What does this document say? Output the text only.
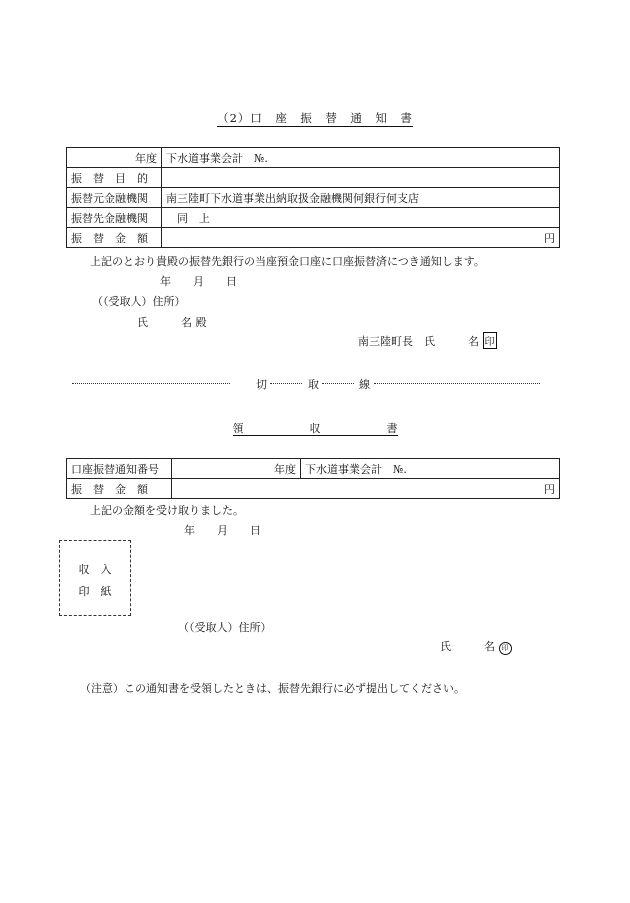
（2）口　座　振　替　通　知　書
年度	下水道事業会計　№.
振　替　目　的	
振替元金融機関	南三陸町下水道事業出納取扱金融機関何銀行何支店
振替先金融機関	　同　上
振　替　金　額	円
上記のとおり貴殿の振替先銀行の当座預金口座に口座振替済につき通知します。
年　　月　　日
（（受取人）住所）
氏　　　名 殿
南三陸町長　氏　　　名 印
切	取	線
領　　　　　　収　　　　　　書
口座振替通知番号	年度	下水道事業会計　№.
振　替　金　額	円	
上記の金額を受け取りました。
年　　月　　日
収　入
印　紙
（（受取人）住所）
氏　　　名 印
（注意）この通知書を受領したときは、振替先銀行に必ず提出してください。
